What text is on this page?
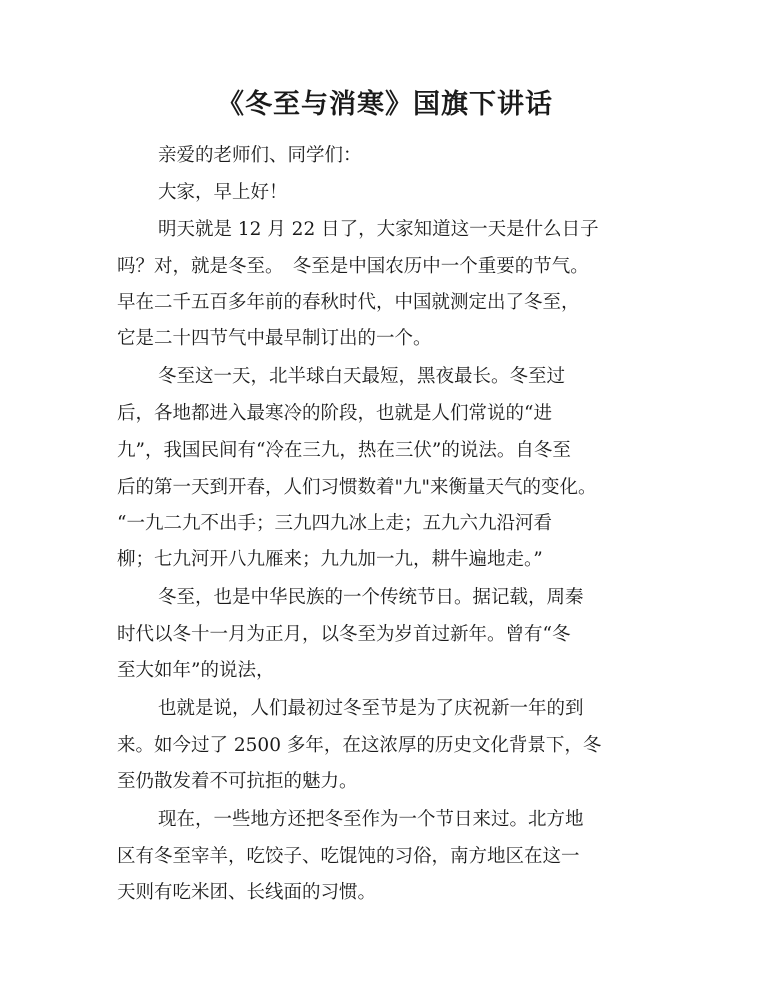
《冬至与消寒》国旗下讲话

亲爱的老师们、同学们：

大家，早上好！

明天就是 12 月 22 日了，大家知道这一天是什么日子

吗？对，就是冬至。　冬至是中国农历中一个重要的节气。

早在二千五百多年前的春秋时代，中国就测定出了冬至，

它是二十四节气中最早制订出的一个。

冬至这一天，北半球白天最短，黑夜最长。冬至过

后，各地都进入最寒冷的阶段，也就是人们常说的“进

九”，我国民间有“冷在三九，热在三伏”的说法。自冬至

后的第一天到开春，人们习惯数着"九"来衡量天气的变化。

“一九二九不出手；三九四九冰上走；五九六九沿河看

柳；七九河开八九雁来；九九加一九，耕牛遍地走。”

冬至，也是中华民族的一个传统节日。据记载，周秦

时代以冬十一月为正月，以冬至为岁首过新年。曾有“冬

至大如年”的说法，

也就是说，人们最初过冬至节是为了庆祝新一年的到

来。如今过了 2500 多年，在这浓厚的历史文化背景下，冬

至仍散发着不可抗拒的魅力。

现在，一些地方还把冬至作为一个节日来过。北方地

区有冬至宰羊，吃饺子、吃馄饨的习俗，南方地区在这一

天则有吃米团、长线面的习惯。
